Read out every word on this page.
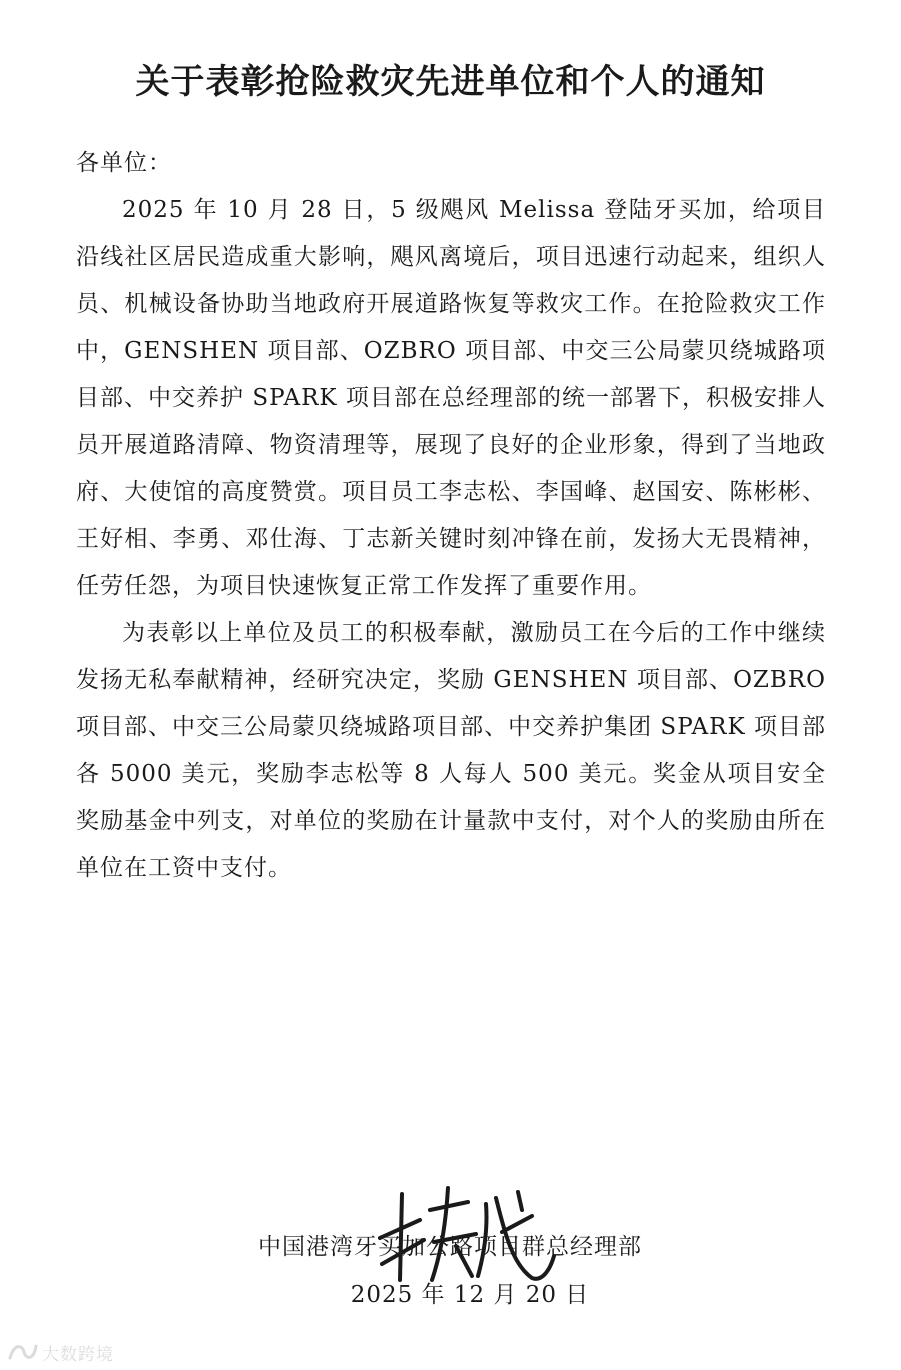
关于表彰抢险救灾先进单位和个人的通知

各单位：

2025 年 10 月 28 日，5 级飓风 Melissa 登陆牙买加，给项目沿线社区居民造成重大影响，飓风离境后，项目迅速行动起来，组织人员、机械设备协助当地政府开展道路恢复等救灾工作。在抢险救灾工作中，GENSHEN 项目部、OZBRO 项目部、中交三公局蒙贝绕城路项目部、中交养护 SPARK 项目部在总经理部的统一部署下，积极安排人员开展道路清障、物资清理等，展现了良好的企业形象，得到了当地政府、大使馆的高度赞赏。项目员工李志松、李国峰、赵国安、陈彬彬、王好相、李勇、邓仕海、丁志新关键时刻冲锋在前，发扬大无畏精神，任劳任怨，为项目快速恢复正常工作发挥了重要作用。

为表彰以上单位及员工的积极奉献，激励员工在今后的工作中继续发扬无私奉献精神，经研究决定，奖励 GENSHEN 项目部、OZBRO 项目部、中交三公局蒙贝绕城路项目部、中交养护集团 SPARK 项目部各 5000 美元，奖励李志松等 8 人每人 500 美元。奖金从项目安全奖励基金中列支，对单位的奖励在计量款中支付，对个人的奖励由所在单位在工资中支付。

中国港湾牙买加公路项目群总经理部
2025 年 12 月 20 日
大数跨境
